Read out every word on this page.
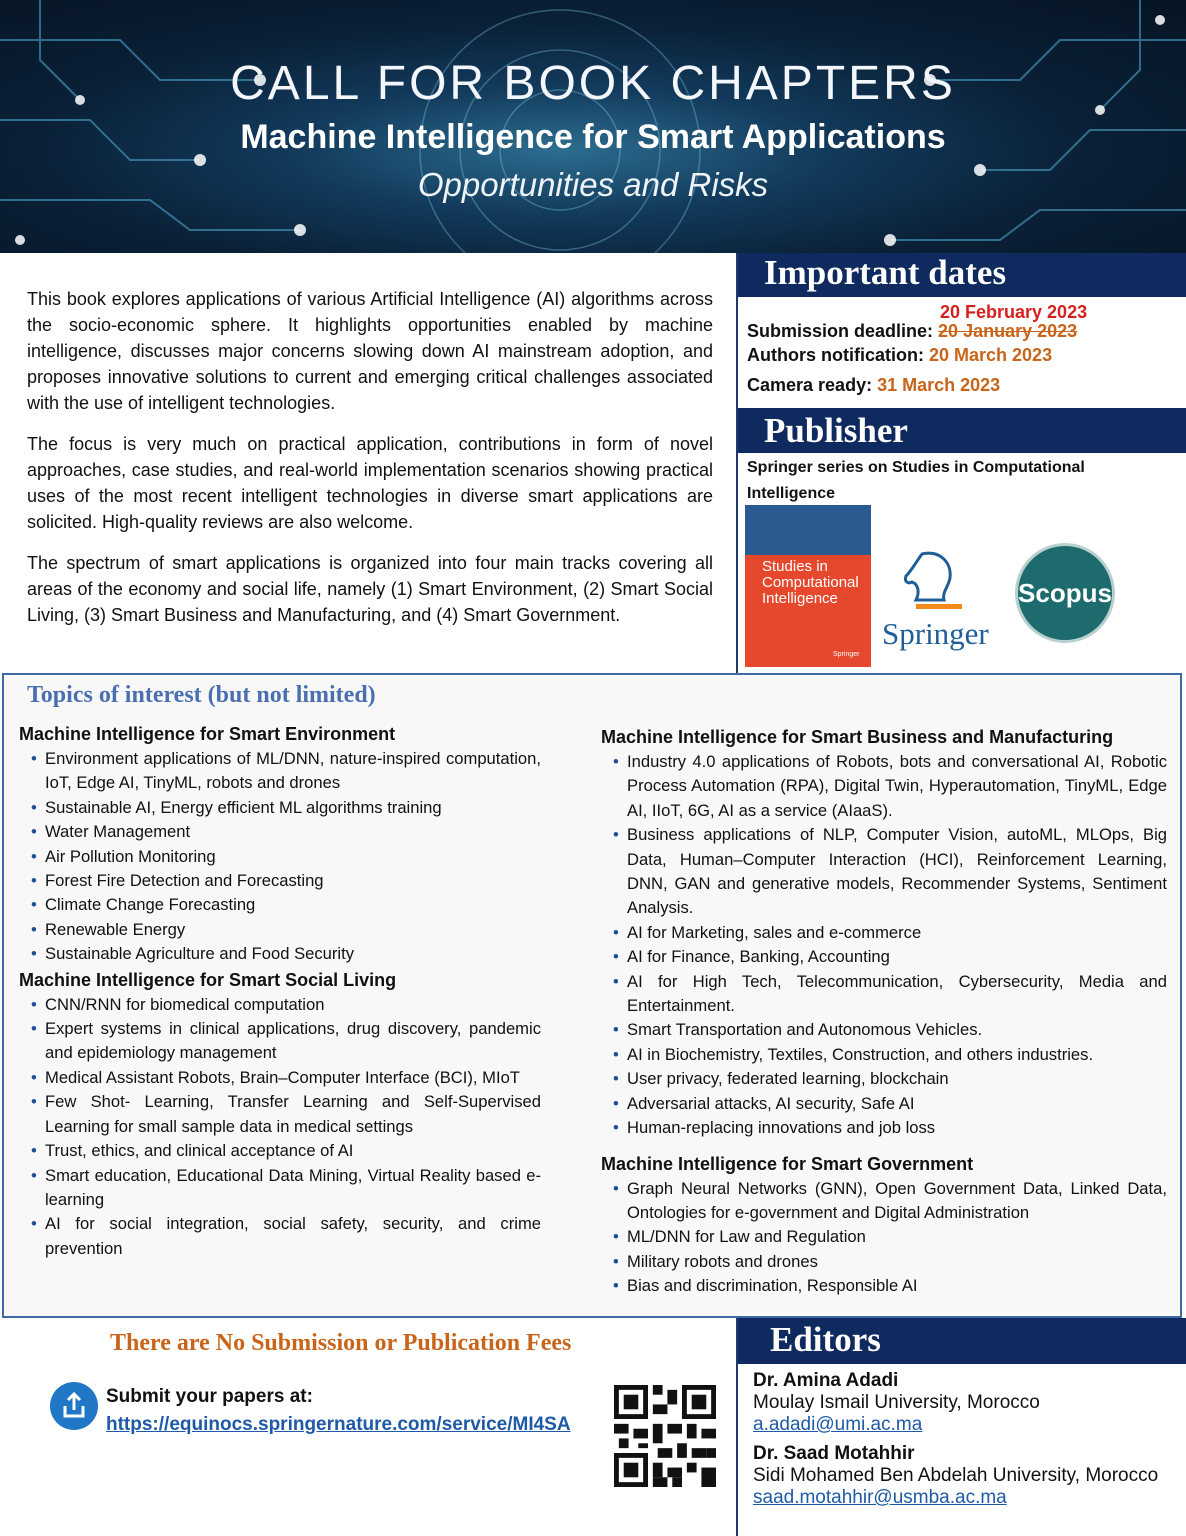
CALL FOR BOOK CHAPTERS
Machine Intelligence for Smart Applications
Opportunities and Risks

This book explores applications of various Artificial Intelligence (AI) algorithms across the socio-economic sphere. It highlights opportunities enabled by machine intelligence, discusses major concerns slowing down AI mainstream adoption, and proposes innovative solutions to current and emerging critical challenges associated with the use of intelligent technologies.

The focus is very much on practical application, contributions in form of novel approaches, case studies, and real-world implementation scenarios showing practical uses of the most recent intelligent technologies in diverse smart applications are solicited. High-quality reviews are also welcome.

The spectrum of smart applications is organized into four main tracks covering all areas of the economy and social life, namely (1) Smart Environment, (2) Smart Social Living, (3) Smart Business and Manufacturing, and (4) Smart Government.

Important dates
20 February 2023
Submission deadline: 20 January 2023
Authors notification: 20 March 2023
Camera ready: 31 March 2023
Publisher
Springer series on Studies in Computational Intelligence
Studies in Computational Intelligence
Springer
Springer
Scopus
Topics of interest (but not limited)
Machine Intelligence for Smart Environment
• Environment applications of ML/DNN, nature-inspired computation, IoT, Edge AI, TinyML, robots and drones
• Sustainable AI, Energy efficient ML algorithms training
• Water Management
• Air Pollution Monitoring
• Forest Fire Detection and Forecasting
• Climate Change Forecasting
• Renewable Energy
• Sustainable Agriculture and Food Security
Machine Intelligence for Smart Social Living
• CNN/RNN for biomedical computation
• Expert systems in clinical applications, drug discovery, pandemic and epidemiology management
• Medical Assistant Robots, Brain–Computer Interface (BCI), MIoT
• Few Shot- Learning, Transfer Learning and Self-Supervised Learning for small sample data in medical settings
• Trust, ethics, and clinical acceptance of AI
• Smart education, Educational Data Mining, Virtual Reality based e-learning
• AI for social integration, social safety, security, and crime prevention
Machine Intelligence for Smart Business and Manufacturing
• Industry 4.0 applications of Robots, bots and conversational AI, Robotic Process Automation (RPA), Digital Twin, Hyperautomation, TinyML, Edge AI, IIoT, 6G, AI as a service (AIaaS).
• Business applications of NLP, Computer Vision, autoML, MLOps, Big Data, Human–Computer Interaction (HCI), Reinforcement Learning, DNN, GAN and generative models, Recommender Systems, Sentiment Analysis.
• AI for Marketing, sales and e-commerce
• AI for Finance, Banking, Accounting
• AI for High Tech, Telecommunication, Cybersecurity, Media and Entertainment.
• Smart Transportation and Autonomous Vehicles.
• AI in Biochemistry, Textiles, Construction, and others industries.
• User privacy, federated learning, blockchain
• Adversarial attacks, AI security, Safe AI
• Human-replacing innovations and job loss
Machine Intelligence for Smart Government
• Graph Neural Networks (GNN), Open Government Data, Linked Data, Ontologies for e-government and Digital Administration
• ML/DNN for Law and Regulation
• Military robots and drones
• Bias and discrimination, Responsible AI
There are No Submission or Publication Fees
Submit your papers at:
https://equinocs.springernature.com/service/MI4SA
Editors
Dr. Amina Adadi
Moulay Ismail University, Morocco
a.adadi@umi.ac.ma
Dr. Saad Motahhir
Sidi Mohamed Ben Abdelah University, Morocco
saad.motahhir@usmba.ac.ma
